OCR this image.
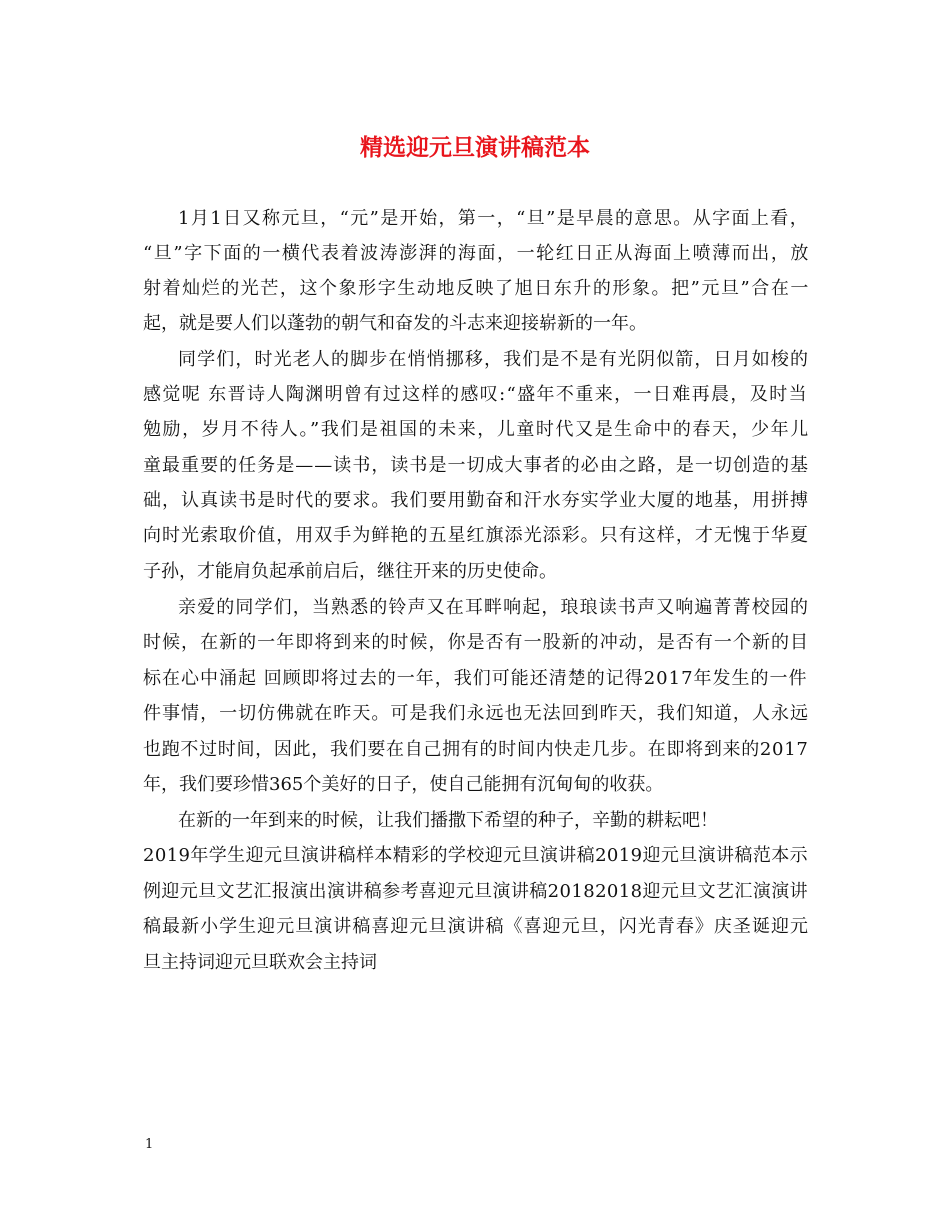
精选迎元旦演讲稿范本
1月1日又称元旦，“元”是开始，第一，“旦”是早晨的意思。从字面上看，
“旦”字下面的一横代表着波涛澎湃的海面，一轮红日正从海面上喷薄而出，放
射着灿烂的光芒，这个象形字生动地反映了旭日东升的形象。把”元旦”合在一
起，就是要人们以蓬勃的朝气和奋发的斗志来迎接崭新的一年。
同学们，时光老人的脚步在悄悄挪移，我们是不是有光阴似箭，日月如梭的
感觉呢 东晋诗人陶渊明曾有过这样的感叹:“盛年不重来，一日难再晨，及时当
勉励，岁月不待人。”我们是祖国的未来，儿童时代又是生命中的春天，少年儿
童最重要的任务是——读书，读书是一切成大事者的必由之路，是一切创造的基
础，认真读书是时代的要求。我们要用勤奋和汗水夯实学业大厦的地基，用拼搏
向时光索取价值，用双手为鲜艳的五星红旗添光添彩。只有这样，才无愧于华夏
子孙，才能肩负起承前启后，继往开来的历史使命。
亲爱的同学们，当熟悉的铃声又在耳畔响起，琅琅读书声又响遍菁菁校园的
时候，在新的一年即将到来的时候，你是否有一股新的冲动，是否有一个新的目
标在心中涌起 回顾即将过去的一年，我们可能还清楚的记得2017年发生的一件
件事情，一切仿佛就在昨天。可是我们永远也无法回到昨天，我们知道，人永远
也跑不过时间，因此，我们要在自己拥有的时间内快走几步。在即将到来的2017
年，我们要珍惜365个美好的日子，使自己能拥有沉甸甸的收获。
在新的一年到来的时候，让我们播撒下希望的种子，辛勤的耕耘吧！
2019年学生迎元旦演讲稿样本精彩的学校迎元旦演讲稿2019迎元旦演讲稿范本示
例迎元旦文艺汇报演出演讲稿参考喜迎元旦演讲稿20182018迎元旦文艺汇演演讲
稿最新小学生迎元旦演讲稿喜迎元旦演讲稿《喜迎元旦，闪光青春》庆圣诞迎元
旦主持词迎元旦联欢会主持词
1
